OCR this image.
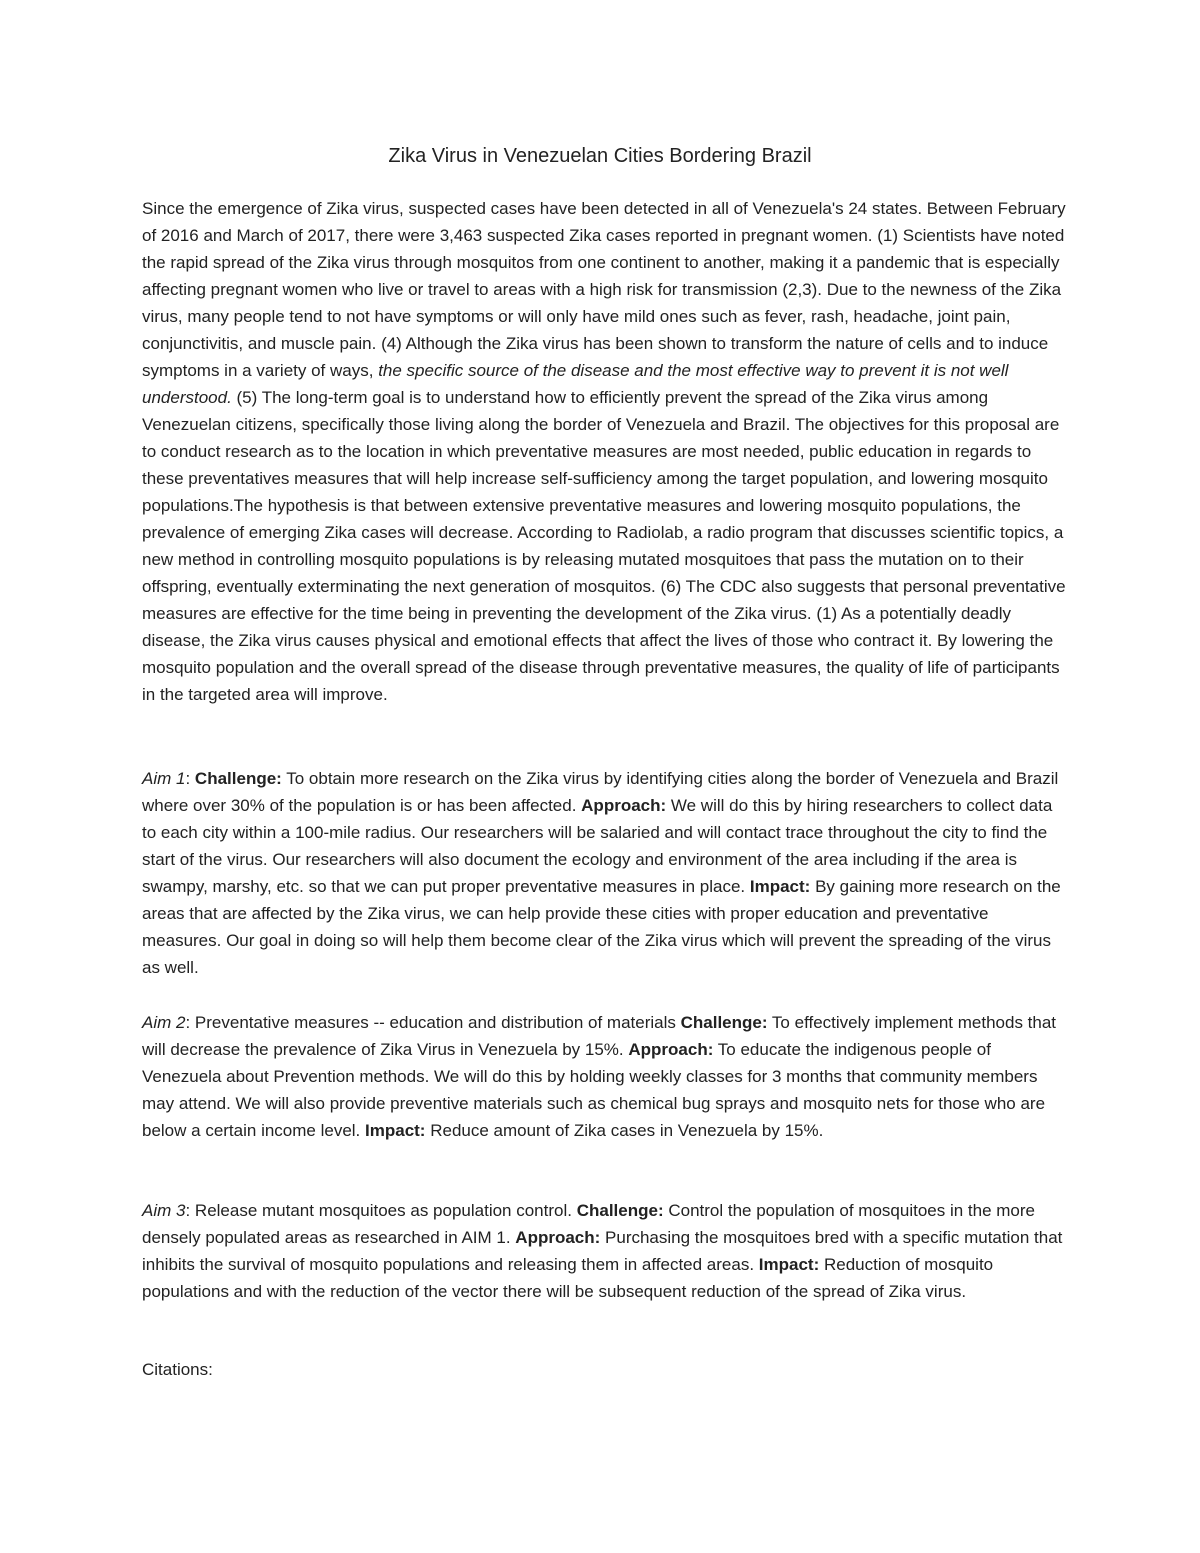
Zika Virus in Venezuelan Cities Bordering Brazil

Since the emergence of Zika virus, suspected cases have been detected in all of Venezuela's 24 states. Between February of 2016 and March of 2017, there were 3,463 suspected Zika cases reported in pregnant women. (1) Scientists have noted the rapid spread of the Zika virus through mosquitos from one continent to another, making it a pandemic that is especially affecting pregnant women who live or travel to areas with a high risk for transmission (2,3). Due to the newness of the Zika virus, many people tend to not have symptoms or will only have mild ones such as fever, rash, headache, joint pain, conjunctivitis, and muscle pain. (4) Although the Zika virus has been shown to transform the nature of cells and to induce symptoms in a variety of ways, the specific source of the disease and the most effective way to prevent it is not well understood. (5) The long-term goal is to understand how to efficiently prevent the spread of the Zika virus among Venezuelan citizens, specifically those living along the border of Venezuela and Brazil. The objectives for this proposal are to conduct research as to the location in which preventative measures are most needed, public education in regards to these preventatives measures that will help increase self-sufficiency among the target population, and lowering mosquito populations.The hypothesis is that between extensive preventative measures and lowering mosquito populations, the prevalence of emerging Zika cases will decrease. According to Radiolab, a radio program that discusses scientific topics, a new method in controlling mosquito populations is by releasing mutated mosquitoes that pass the mutation on to their offspring, eventually exterminating the next generation of mosquitos. (6) The CDC also suggests that personal preventative measures are effective for the time being in preventing the development of the Zika virus. (1) As a potentially deadly disease, the Zika virus causes physical and emotional effects that affect the lives of those who contract it. By lowering the mosquito population and the overall spread of the disease through preventative measures, the quality of life of participants in the targeted area will improve.

Aim 1: Challenge: To obtain more research on the Zika virus by identifying cities along the border of Venezuela and Brazil where over 30% of the population is or has been affected. Approach: We will do this by hiring researchers to collect data to each city within a 100-mile radius. Our researchers will be salaried and will contact trace throughout the city to find the start of the virus. Our researchers will also document the ecology and environment of the area including if the area is swampy, marshy, etc. so that we can put proper preventative measures in place. Impact: By gaining more research on the areas that are affected by the Zika virus, we can help provide these cities with proper education and preventative measures. Our goal in doing so will help them become clear of the Zika virus which will prevent the spreading of the virus as well.

Aim 2: Preventative measures -- education and distribution of materials Challenge: To effectively implement methods that will decrease the prevalence of Zika Virus in Venezuela by 15%. Approach: To educate the indigenous people of Venezuela about Prevention methods. We will do this by holding weekly classes for 3 months that community members may attend. We will also provide preventive materials such as chemical bug sprays and mosquito nets for those who are below a certain income level. Impact: Reduce amount of Zika cases in Venezuela by 15%.

Aim 3: Release mutant mosquitoes as population control. Challenge: Control the population of mosquitoes in the more densely populated areas as researched in AIM 1. Approach: Purchasing the mosquitoes bred with a specific mutation that inhibits the survival of mosquito populations and releasing them in affected areas. Impact: Reduction of mosquito populations and with the reduction of the vector there will be subsequent reduction of the spread of Zika virus.

Citations:
